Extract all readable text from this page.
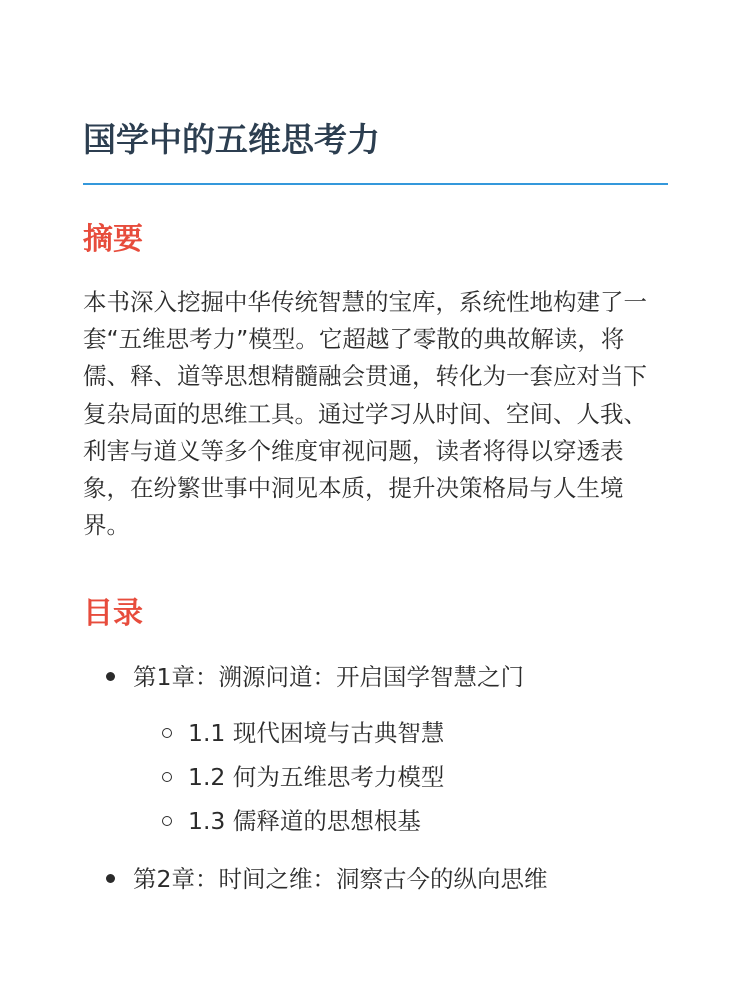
国学中的五维思考力
摘要

本书深入挖掘中华传统智慧的宝库，系统性地构建了一套“五维思考力”模型。它超越了零散的典故解读，将儒、释、道等思想精髓融会贯通，转化为一套应对当下复杂局面的思维工具。通过学习从时间、空间、人我、利害与道义等多个维度审视问题，读者将得以穿透表象，在纷繁世事中洞见本质，提升决策格局与人生境界。

目录
第1章：溯源问道：开启国学智慧之门
1.1 现代困境与古典智慧
1.2 何为五维思考力模型
1.3 儒释道的思想根基
第2章：时间之维：洞察古今的纵向思维
